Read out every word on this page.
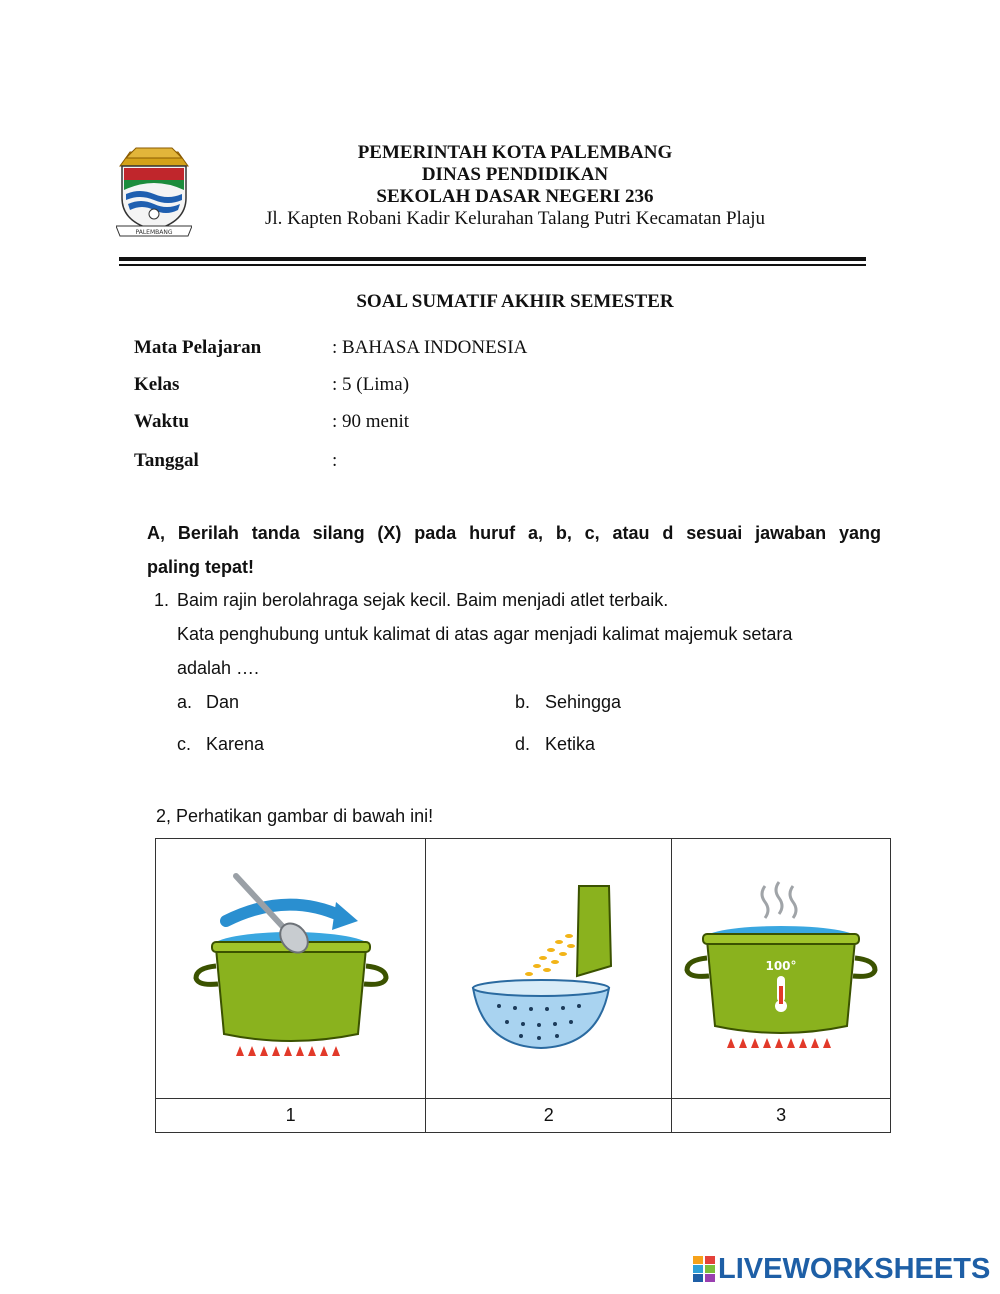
PALEMBANG
PEMERINTAH KOTA PALEMBANG
DINAS PENDIDIKAN
SEKOLAH DASAR NEGERI 236
Jl. Kapten Robani Kadir Kelurahan Talang Putri Kecamatan Plaju
SOAL SUMATIF AKHIR SEMESTER
Mata Pelajaran	: BAHASA INDONESIA
Kelas	: 5 (Lima)
Waktu	: 90 menit
Tanggal	:
A, Berilah tanda silang (X) pada huruf a, b, c, atau d sesuai jawaban yang
paling tepat!
1. Baim rajin berolahraga sejak kecil. Baim menjadi atlet terbaik.
Kata penghubung untuk kalimat di atas agar menjadi kalimat majemuk setara
adalah ….
a. Dan	b. Sehingga
c. Karena	d. Ketika
2, Perhatikan gambar di bawah ini!

100°

1	2	3
LIVEWORKSHEETS
